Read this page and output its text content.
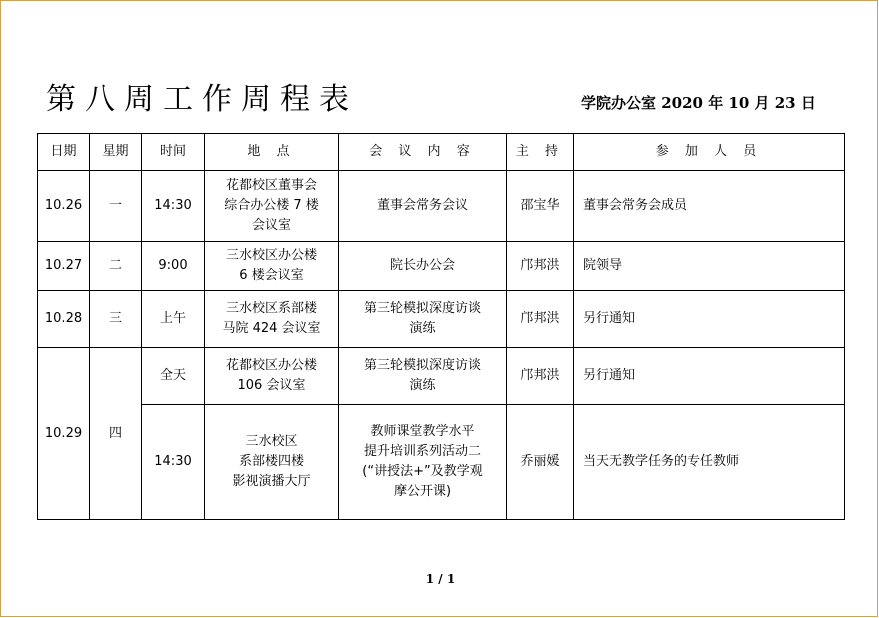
第八周工作周程表	学院办公室 2020 年 10 月 23 日
日期	星期	时间	地 点	会 议 内 容	主 持	参 加 人 员
10.26	一	14:30	花都校区董事会
综合办公楼 7 楼
会议室	董事会常务会议	邵宝华	董事会常务会成员
10.27	二	9:00	三水校区办公楼
6 楼会议室	院长办公会	邝邦洪	院领导
10.28	三	上午	三水校区系部楼
马院 424 会议室	第三轮模拟深度访谈
演练	邝邦洪	另行通知
10.29	四	全天	花都校区办公楼
106 会议室	第三轮模拟深度访谈
演练	邝邦洪	另行通知
		14:30	三水校区
系部楼四楼
影视演播大厅	教师课堂教学水平
提升培训系列活动二
(“讲授法+”及教学观
摩公开课)	乔丽媛	当天无教学任务的专任教师
1 / 1
